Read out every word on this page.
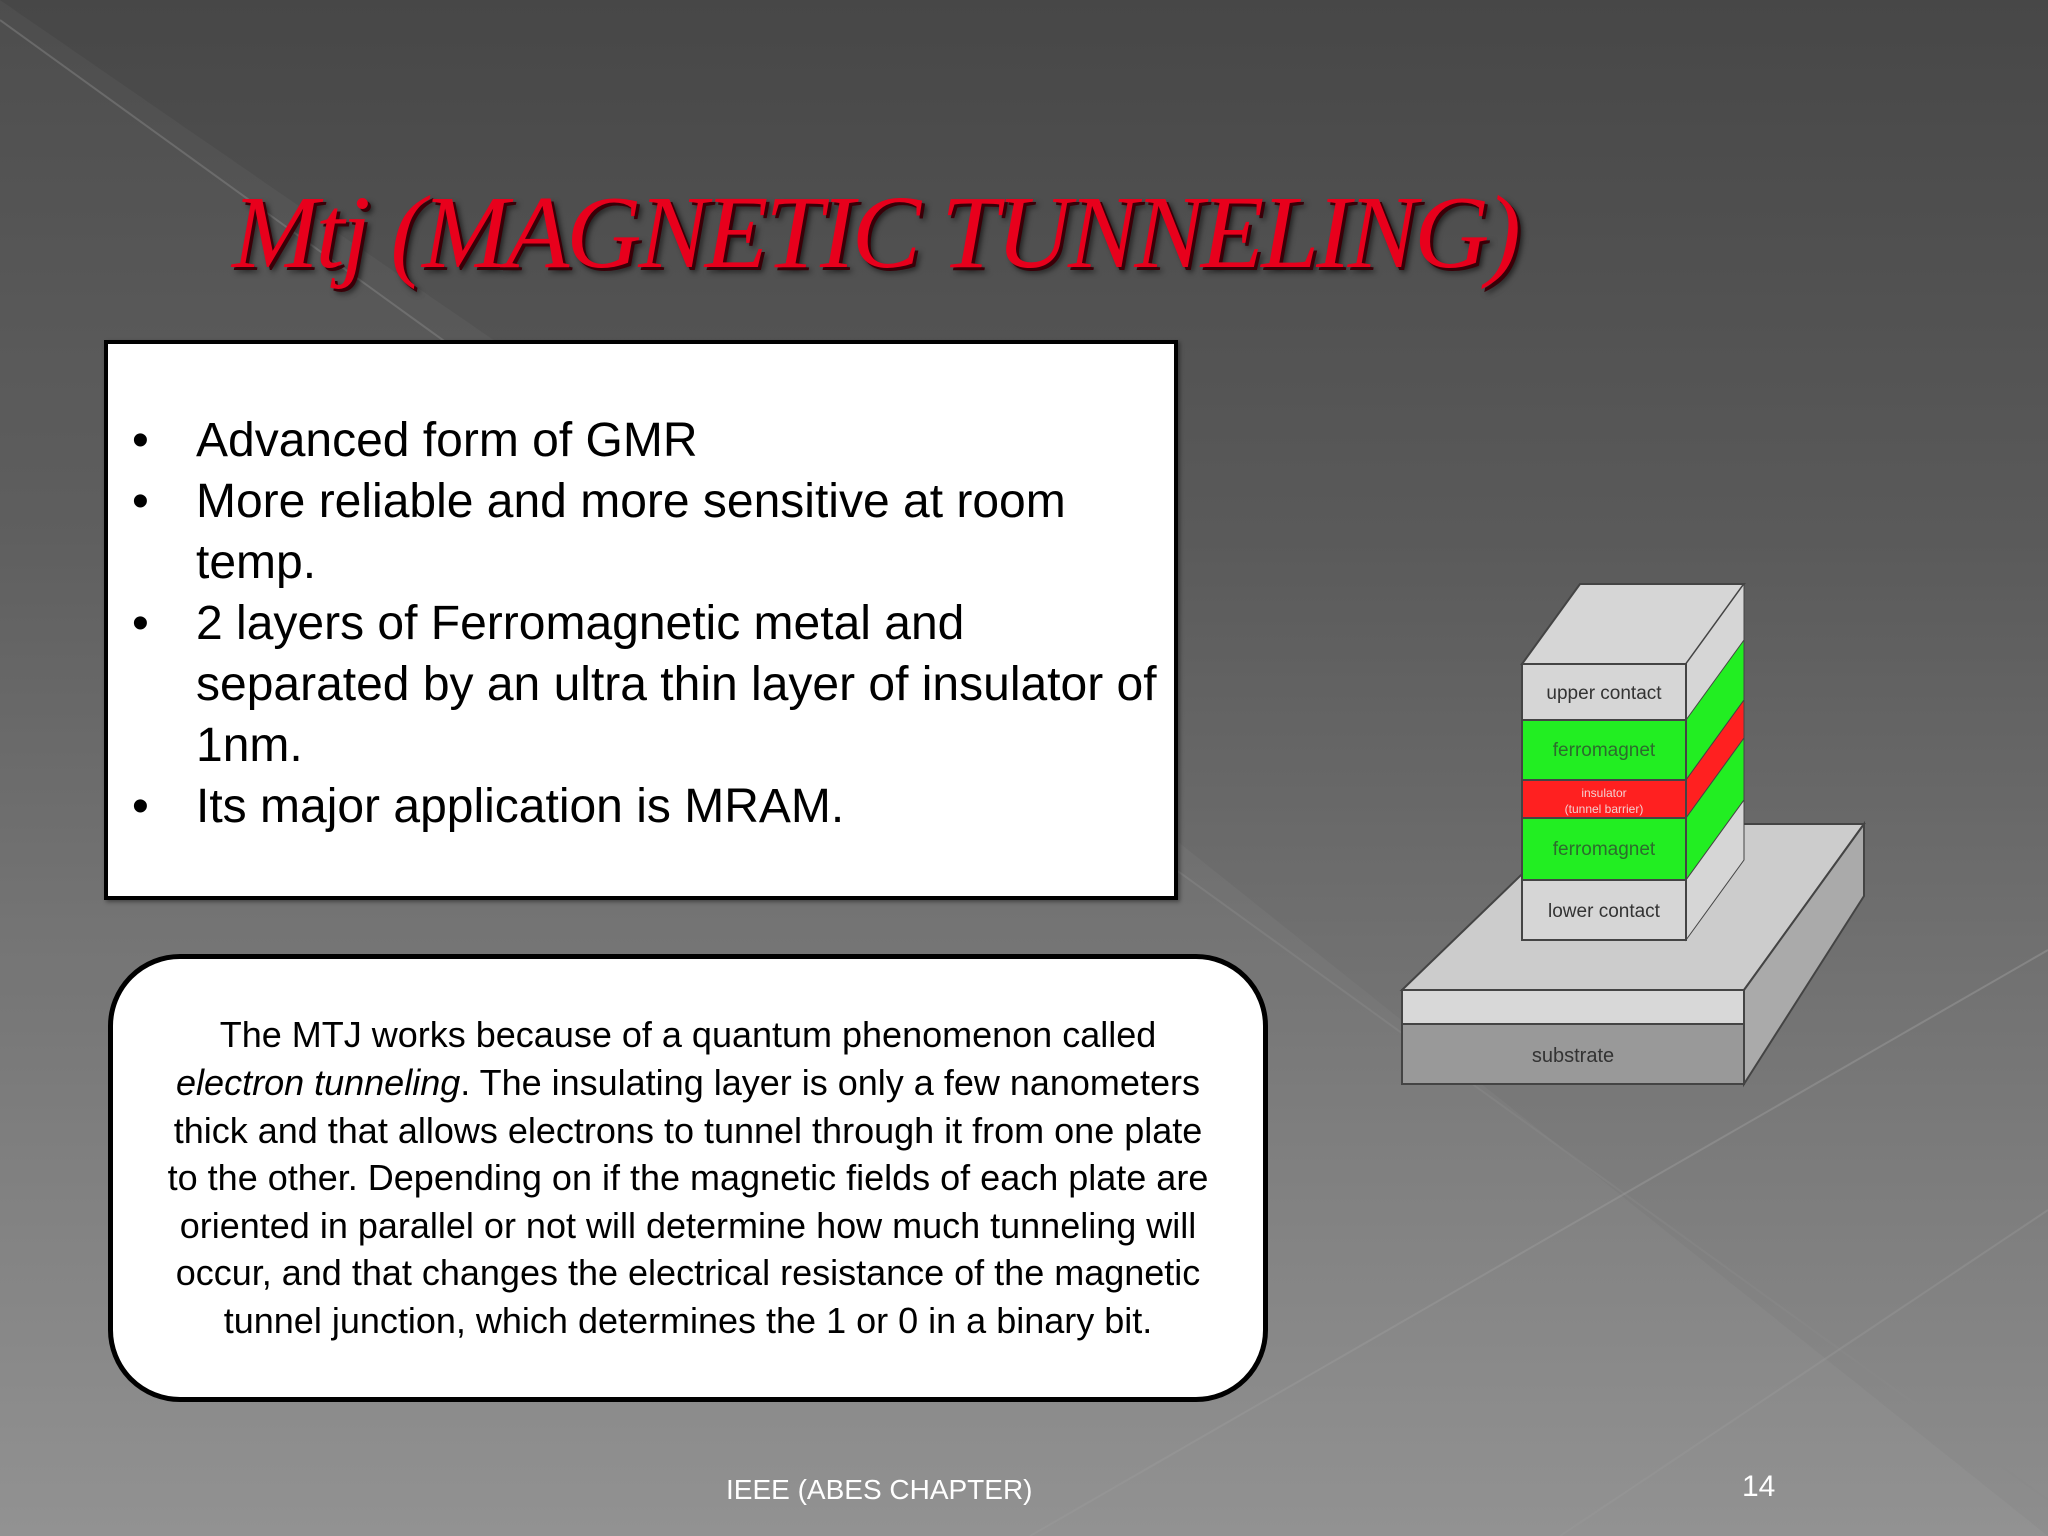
Mtj (MAGNETIC TUNNELING)
• Advanced form of GMR
• More reliable and more sensitive at room temp.
• 2 layers of Ferromagnetic metal and separated by an ultra thin layer of insulator of 1nm.
• Its major application is MRAM.

The MTJ works because of a quantum phenomenon called electron tunneling. The insulating layer is only a few nanometers thick and that allows electrons to tunnel through it from one plate to the other. Depending on if the magnetic fields of each plate are oriented in parallel or not will determine how much tunneling will occur, and that changes the electrical resistance of the magnetic tunnel junction, which determines the 1 or 0 in a binary bit.

substrate
upper contact
ferromagnet
insulator
(tunnel barrier)
ferromagnet
lower contact
IEEE (ABES CHAPTER)	14
